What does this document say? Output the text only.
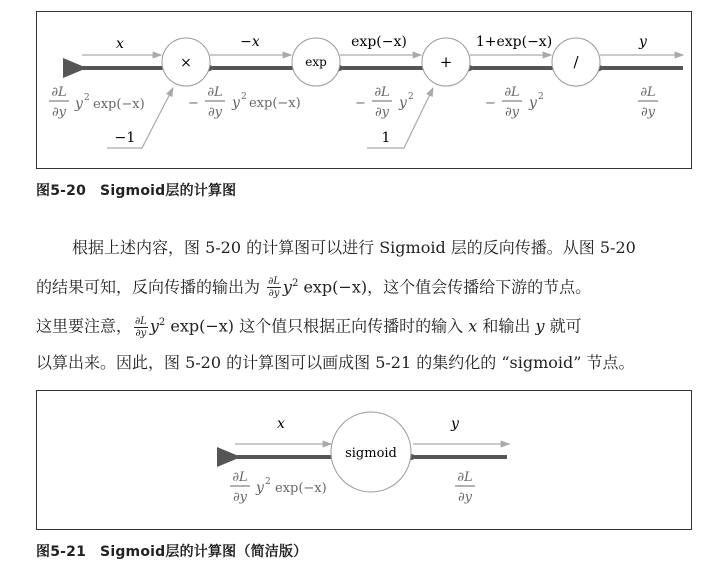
×	exp	+	/
x	−x	exp(−x)	1+exp(−x)	y
−1	1
∂L
∂y
y 2 exp(−x)	−
∂L
∂y
y 2 exp(−x)	−
∂L
∂y
y 2	−
∂L
∂y
y 2	∂L
∂y
图5-20 Sigmoid层的计算图

根据上述内容，图 5-20 的计算图可以进行 Sigmoid 层的反向传播。从图 5-20

的结果可知，反向传播的输出为 $\frac{\partial L}{\partial y} y^2$ exp(−x)，这个值会传播给下游的节点。

这里要注意， $\frac{\partial L}{\partial y} y^2$ exp(−x) 这个值只根据正向传播时的输入 x 和输出 y 就可

以算出来。因此，图 5-20 的计算图可以画成图 5-21 的集约化的 “sigmoid” 节点。

sigmoid
x	y
∂L
∂y
y 2 exp(−x)
∂L
∂y
图5-21 Sigmoid层的计算图（简洁版）
